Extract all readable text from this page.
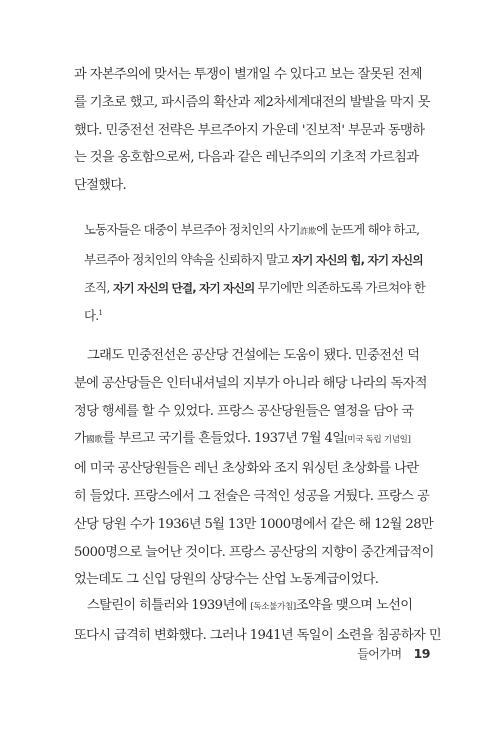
과 자본주의에 맞서는 투쟁이 별개일 수 있다고 보는 잘못된 전제
를 기초로 했고, 파시즘의 확산과 제2차세계대전의 발발을 막지 못
했다. 민중전선 전략은 부르주아지 가운데 '진보적' 부문과 동맹하
는 것을 옹호함으로써, 다음과 같은 레닌주의의 기초적 가르침과
단절했다.
노동자들은 대중이 부르주아 정치인의 사기詐欺에 눈뜨게 해야 하고,
부르주아 정치인의 약속을 신뢰하지 말고 자기 자신의 힘, 자기 자신의
조직, 자기 자신의 단결, 자기 자신의 무기에만 의존하도록 가르쳐야 한
다.$^1$
그래도 민중전선은 공산당 건설에는 도움이 됐다. 민중전선 덕
분에 공산당들은 인터내셔널의 지부가 아니라 해당 나라의 독자적
정당 행세를 할 수 있었다. 프랑스 공산당원들은 열정을 담아 국
가國歌를 부르고 국기를 흔들었다. 1937년 7월 4일[미국 독립 기념일]
에 미국 공산당원들은 레닌 초상화와 조지 워싱턴 초상화를 나란
히 들었다. 프랑스에서 그 전술은 극적인 성공을 거뒀다. 프랑스 공
산당 당원 수가 1936년 5월 13만 1000명에서 같은 해 12월 28만
5000명으로 늘어난 것이다. 프랑스 공산당의 지향이 중간계급적이
었는데도 그 신입 당원의 상당수는 산업 노동계급이었다.
스탈린이 히틀러와 1939년에 [독소불가침]조약을 맺으며 노선이
또다시 급격히 변화했다. 그러나 1941년 독일이 소련을 침공하자 민
들어가며 19
